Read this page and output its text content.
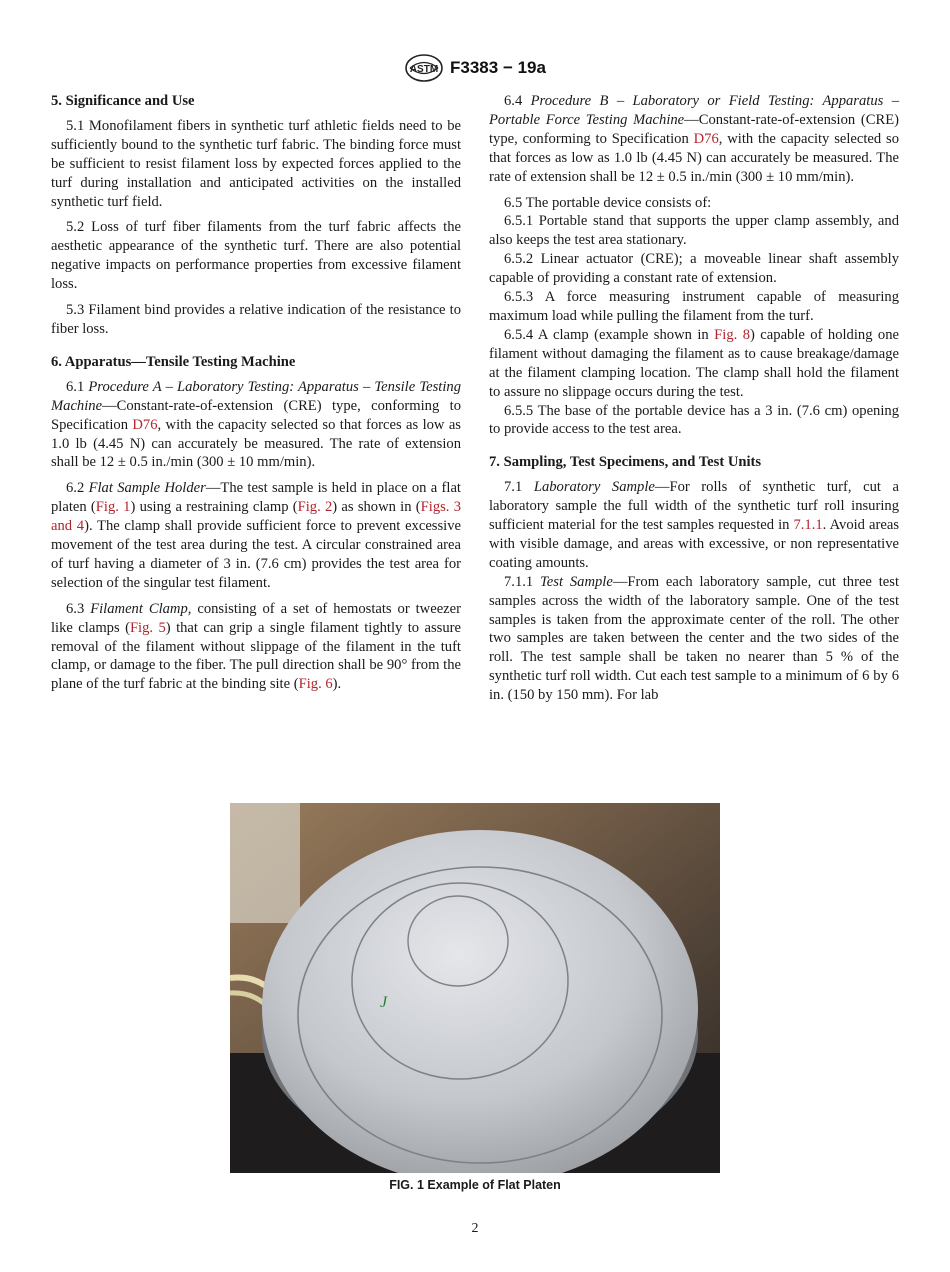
ASTM F3383 − 19a
5. Significance and Use

5.1 Monofilament fibers in synthetic turf athletic fields need to be sufficiently bound to the synthetic turf fabric. The binding force must be sufficient to resist filament loss by expected forces applied to the turf during installation and anticipated activities on the installed synthetic turf field.

5.2 Loss of turf fiber filaments from the turf fabric affects the aesthetic appearance of the synthetic turf. There are also potential negative impacts on performance properties from excessive filament loss.

5.3 Filament bind provides a relative indication of the resistance to fiber loss.

6. Apparatus—Tensile Testing Machine

6.1 Procedure A – Laboratory Testing: Apparatus – Tensile Testing Machine—Constant-rate-of-extension (CRE) type, conforming to Specification D76, with the capacity selected so that forces as low as 1.0 lb (4.45 N) can accurately be measured. The rate of extension shall be 12 ± 0.5 in./min (300 ± 10 mm/min).

6.2 Flat Sample Holder—The test sample is held in place on a flat platen (Fig. 1) using a restraining clamp (Fig. 2) as shown in (Figs. 3 and 4). The clamp shall provide sufficient force to prevent excessive movement of the test area during the test. A circular constrained area of turf having a diameter of 3 in. (7.6 cm) provides the test area for selection of the singular test filament.

6.3 Filament Clamp, consisting of a set of hemostats or tweezer like clamps (Fig. 5) that can grip a single filament tightly to assure removal of the filament without slippage of the filament in the tuft clamp, or damage to the fiber. The pull direction shall be 90° from the plane of the turf fabric at the binding site (Fig. 6).

6.4 Procedure B – Laboratory or Field Testing: Apparatus – Portable Force Testing Machine—Constant-rate-of-extension (CRE) type, conforming to Specification D76, with the capacity selected so that forces as low as 1.0 lb (4.45 N) can accurately be measured. The rate of extension shall be 12 ± 0.5 in./min (300 ± 10 mm/min).

6.5 The portable device consists of:

6.5.1 Portable stand that supports the upper clamp assembly, and also keeps the test area stationary.

6.5.2 Linear actuator (CRE); a moveable linear shaft assembly capable of providing a constant rate of extension.

6.5.3 A force measuring instrument capable of measuring maximum load while pulling the filament from the turf.

6.5.4 A clamp (example shown in Fig. 8) capable of holding one filament without damaging the filament as to cause breakage/damage at the filament clamping location. The clamp shall hold the filament to assure no slippage occurs during the test.

6.5.5 The base of the portable device has a 3 in. (7.6 cm) opening to provide access to the test area.

7. Sampling, Test Specimens, and Test Units

7.1 Laboratory Sample—For rolls of synthetic turf, cut a laboratory sample the full width of the synthetic turf roll insuring sufficient material for the test samples requested in 7.1.1. Avoid areas with visible damage, and areas with excessive, or non representative coating amounts.

7.1.1 Test Sample—From each laboratory sample, cut three test samples across the width of the laboratory sample. One of the test samples is taken from the approximate center of the roll. The other two samples are taken between the center and the two sides of the roll. The test sample shall be taken no nearer than 5 % of the synthetic turf roll width. Cut each test sample to a minimum of 6 by 6 in. (150 by 150 mm). For lab

J
FIG. 1 Example of Flat Platen
2
